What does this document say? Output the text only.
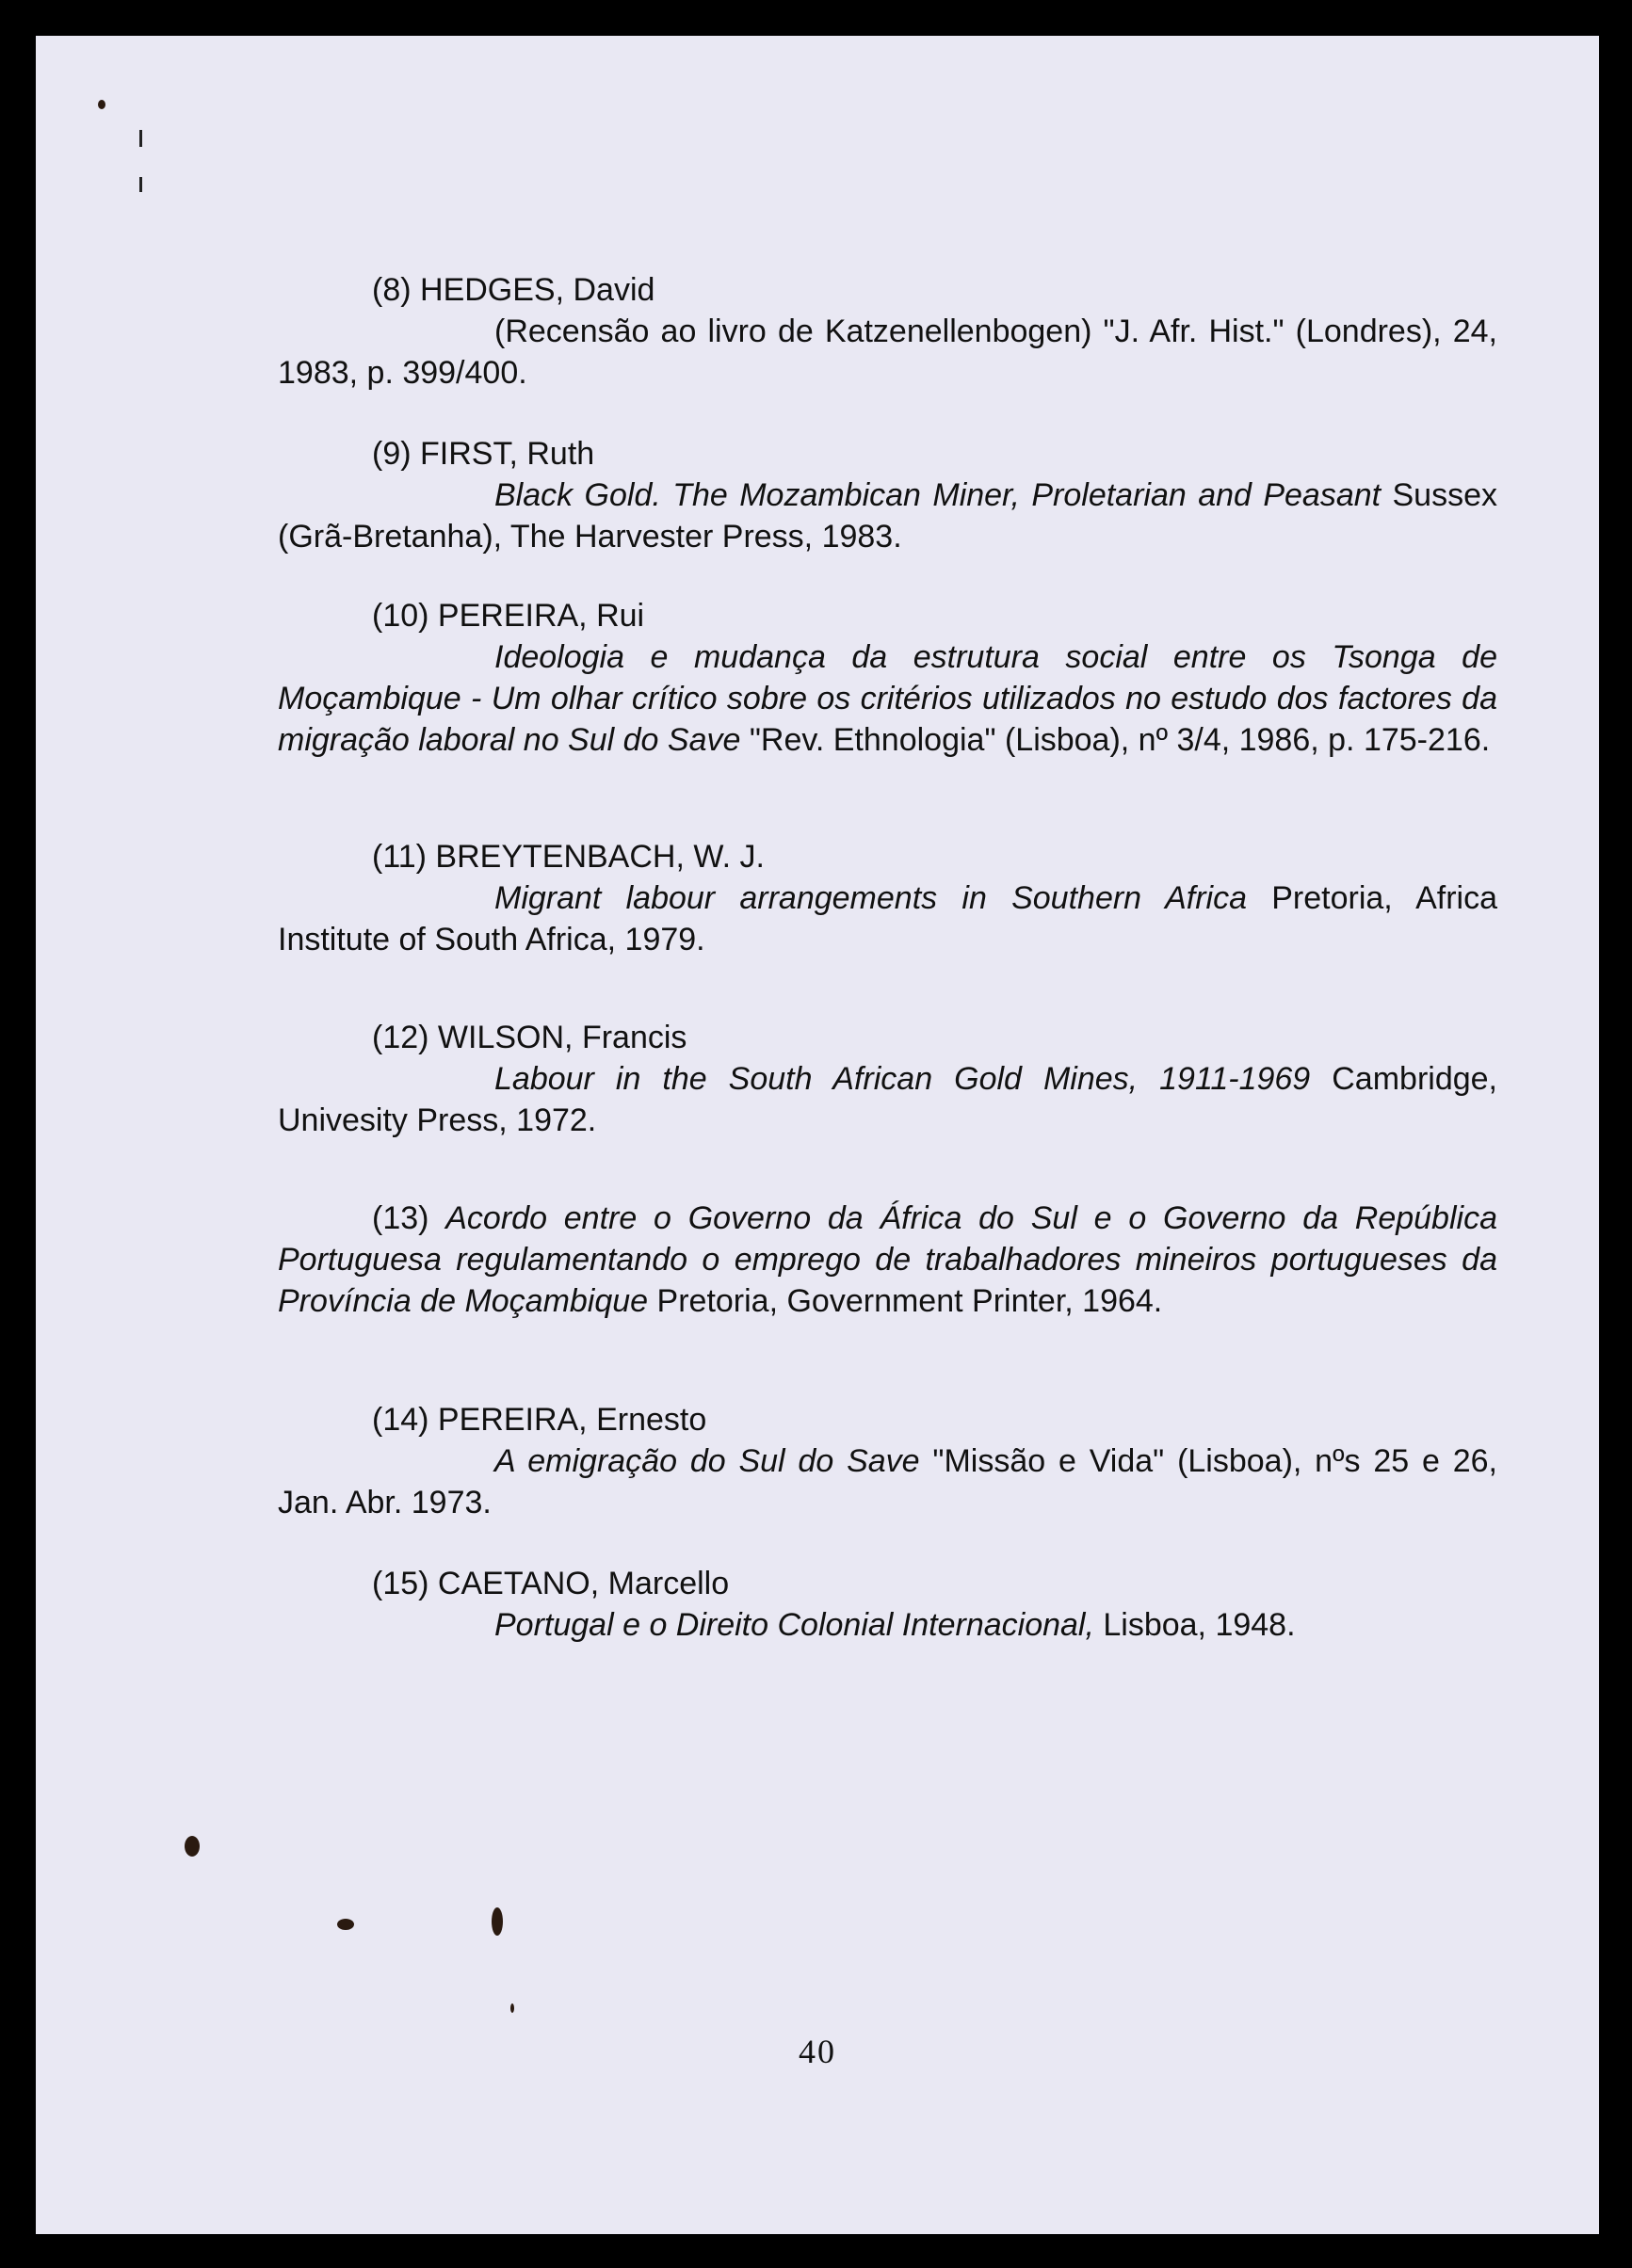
(8) HEDGES, David

(Recensão ao livro de Katzenellenbogen) "J. Afr. Hist." (Londres), 24, 1983, p. 399/400.

(9) FIRST, Ruth

Black Gold. The Mozambican Miner, Proletarian and Peasant Sussex (Grã-Bretanha), The Harvester Press, 1983.

(10) PEREIRA, Rui

Ideologia e mudança da estrutura social entre os Tsonga de Moçambique - Um olhar crítico sobre os critérios utilizados no estudo dos factores da migração laboral no Sul do Save "Rev. Ethnologia" (Lisboa), nº 3/4, 1986, p. 175-216.

(11) BREYTENBACH, W. J.

Migrant labour arrangements in Southern Africa Pretoria, Africa Institute of South Africa, 1979.

(12) WILSON, Francis

Labour in the South African Gold Mines, 1911-1969 Cambridge, Univesity Press, 1972.

(13) Acordo entre o Governo da África do Sul e o Governo da República Portuguesa regulamentando o emprego de trabalhadores mineiros portugueses da Província de Moçambique Pretoria, Government Printer, 1964.

(14) PEREIRA, Ernesto

A emigração do Sul do Save "Missão e Vida" (Lisboa), nºs 25 e 26, Jan. Abr. 1973.

(15) CAETANO, Marcello

Portugal e o Direito Colonial Internacional, Lisboa, 1948.

40
